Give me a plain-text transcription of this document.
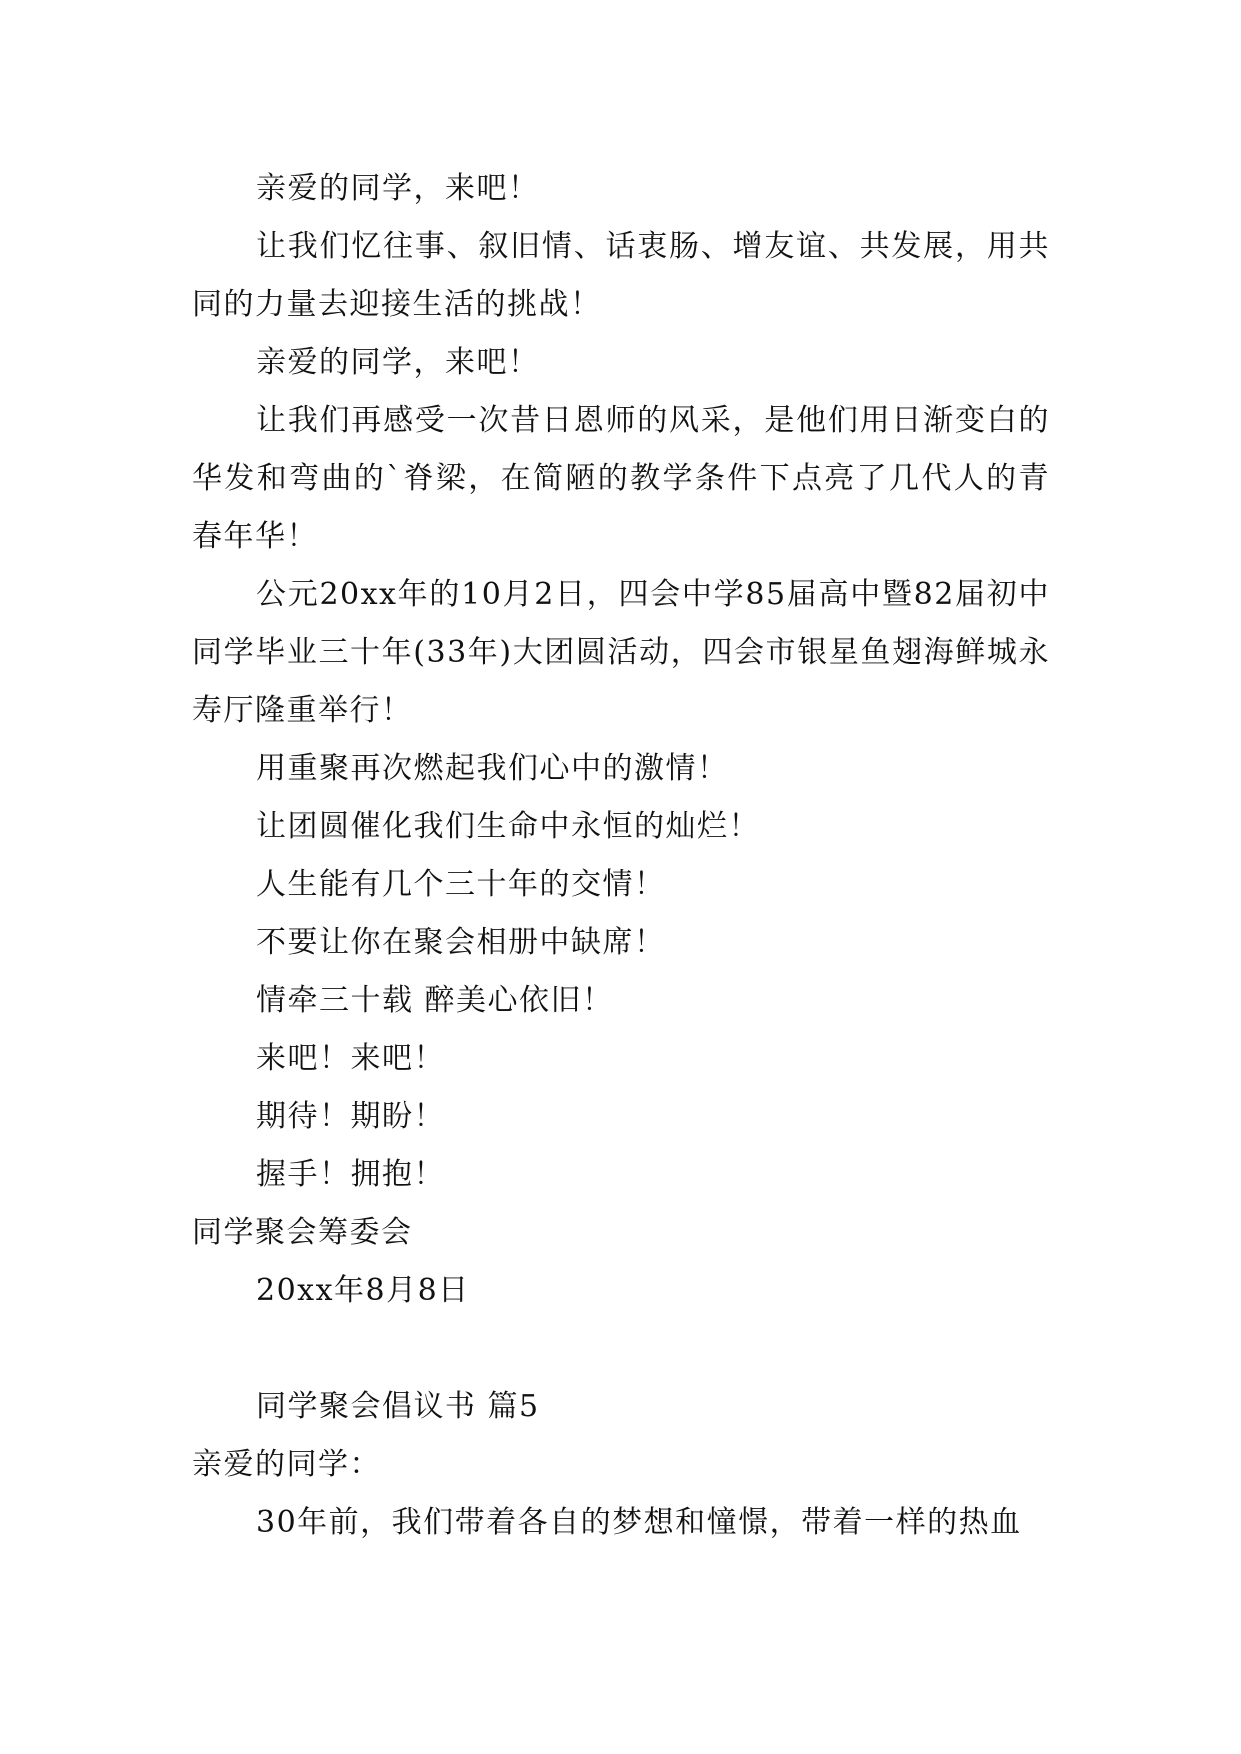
亲爱的同学，来吧！

让我们忆往事、叙旧情、话衷肠、增友谊、共发展，用共同的力量去迎接生活的挑战！

亲爱的同学，来吧！

让我们再感受一次昔日恩师的风采，是他们用日渐变白的华发和弯曲的`脊梁，在简陋的教学条件下点亮了几代人的青春年华！

公元20xx年的10月2日，四会中学85届高中暨82届初中同学毕业三十年(33年)大团圆活动，四会市银星鱼翅海鲜城永寿厅隆重举行！

用重聚再次燃起我们心中的激情！

让团圆催化我们生命中永恒的灿烂！

人生能有几个三十年的交情！

不要让你在聚会相册中缺席！

情牵三十载 醉美心依旧！

来吧！来吧！

期待！期盼！

握手！拥抱！

同学聚会筹委会

20xx年8月8日

同学聚会倡议书 篇5

亲爱的同学：

30年前，我们带着各自的梦想和憧憬，带着一样的热血
